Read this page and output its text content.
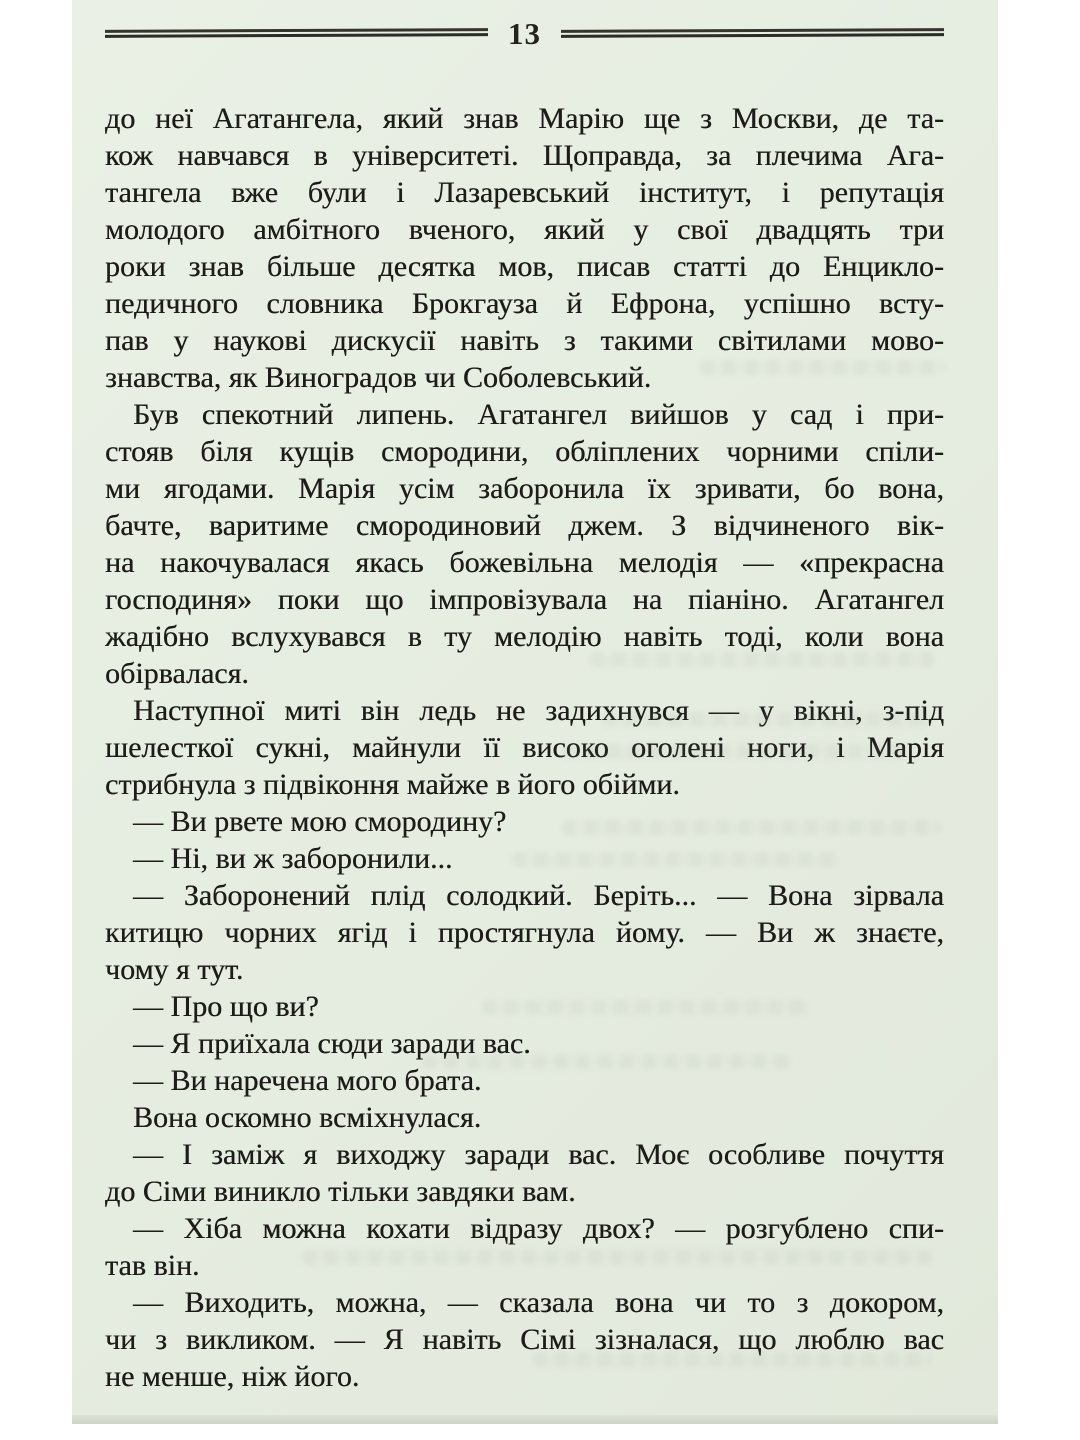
13
до неї Агатангела, який знав Марію ще з Москви, де та-
кож навчався в університеті. Щоправда, за плечима Ага-
тангела вже були і Лазаревський інститут, і репутація
молодого амбітного вченого, який у свої двадцять три
роки знав більше десятка мов, писав статті до Енцикло-
педичного словника Брокгауза й Ефрона, успішно всту-
пав у наукові дискусії навіть з такими світилами мово-
знавства, як Виноградов чи Соболевський.
Був спекотний липень. Агатангел вийшов у сад і при-
стояв біля кущів смородини, обліплених чорними спіли-
ми ягодами. Марія усім заборонила їх зривати, бо вона,
бачте, варитиме смородиновий джем. З відчиненого вік-
на накочувалася якась божевільна мелодія — «прекрасна
господиня» поки що імпровізувала на піаніно. Агатангел
жадібно вслухувався в ту мелодію навіть тоді, коли вона
обірвалася.
Наступної миті він ледь не задихнувся — у вікні, з-під
шелесткої сукні, майнули її високо оголені ноги, і Марія
стрибнула з підвіконня майже в його обійми.
— Ви рвете мою смородину?
— Ні, ви ж заборонили...
— Заборонений плід солодкий. Беріть... — Вона зірвала
китицю чорних ягід і простягнула йому. — Ви ж знаєте,
чому я тут.
— Про що ви?
— Я приїхала сюди заради вас.
— Ви наречена мого брата.
Вона оскомно всміхнулася.
— І заміж я виходжу заради вас. Моє особливе почуття
до Сіми виникло тільки завдяки вам.
— Хіба можна кохати відразу двох? — розгублено спи-
тав він.
— Виходить, можна, — сказала вона чи то з докором,
чи з викликом. — Я навіть Сімі зізналася, що люблю вас
не менше, ніж його.
